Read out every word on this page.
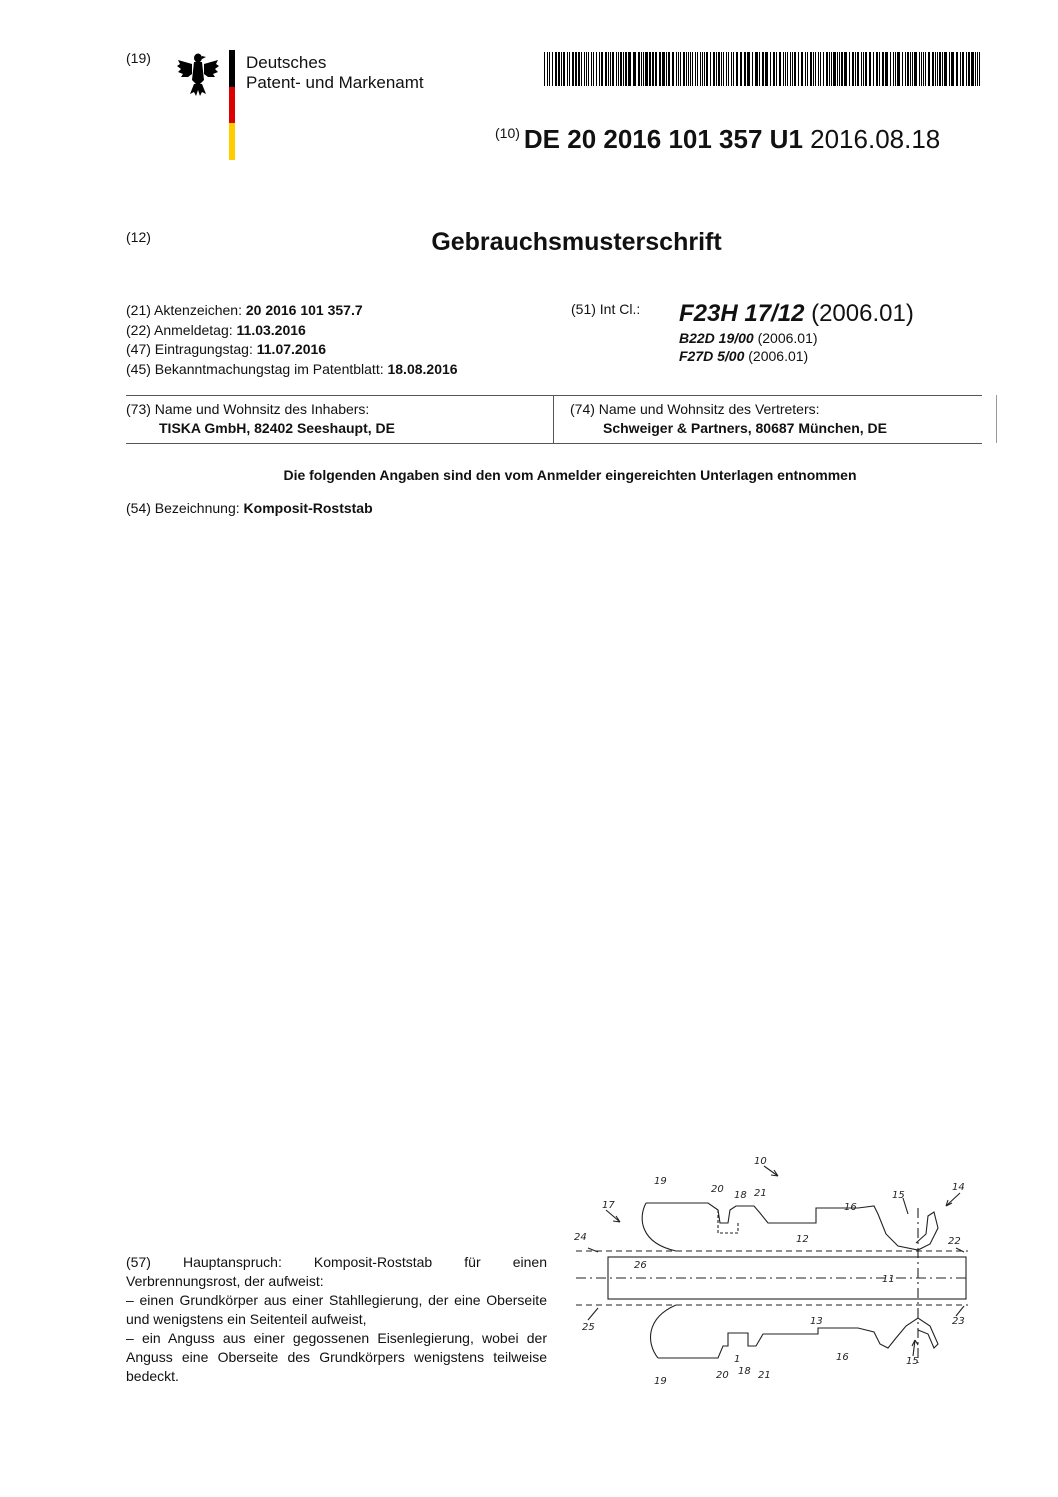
(19)	Deutsches
Patent- und Markenamt
$^{(10)}$ DE 20 2016 101 357 U1 2016.08.18
(12)	Gebrauchsmusterschrift
(21) Aktenzeichen: 20 2016 101 357.7
(22) Anmeldetag: 11.03.2016
(47) Eintragungstag: 11.07.2016
(45) Bekanntmachungstag im Patentblatt: 18.08.2016
(51) Int Cl.: F23H 17/12 (2006.01)
B22D 19/00 (2006.01)
F27D 5/00 (2006.01)
(73) Name und Wohnsitz des Inhabers:
TISKA GmbH, 82402 Seeshaupt, DE
(74) Name und Wohnsitz des Vertreters:
Schweiger & Partners, 80687 München, DE
Die folgenden Angaben sind den vom Anmelder eingereichten Unterlagen entnommen
(54) Bezeichnung: Komposit-Roststab

(57) Hauptanspruch: Komposit-Roststab für einen Verbrennungsrost, der aufweist:

– einen Grundkörper aus einer Stahllegierung, der eine Oberseite und wenigstens ein Seitenteil aufweist,

– ein Anguss aus einer gegossenen Eisenlegierung, wobei der Anguss eine Oberseite des Grundkörpers wenigstens teilweise bedeckt.

10
17
19
20
18 21
16
15
14
24	22
12
26
11
25
23
13
19
20
1
18 21
16	15
